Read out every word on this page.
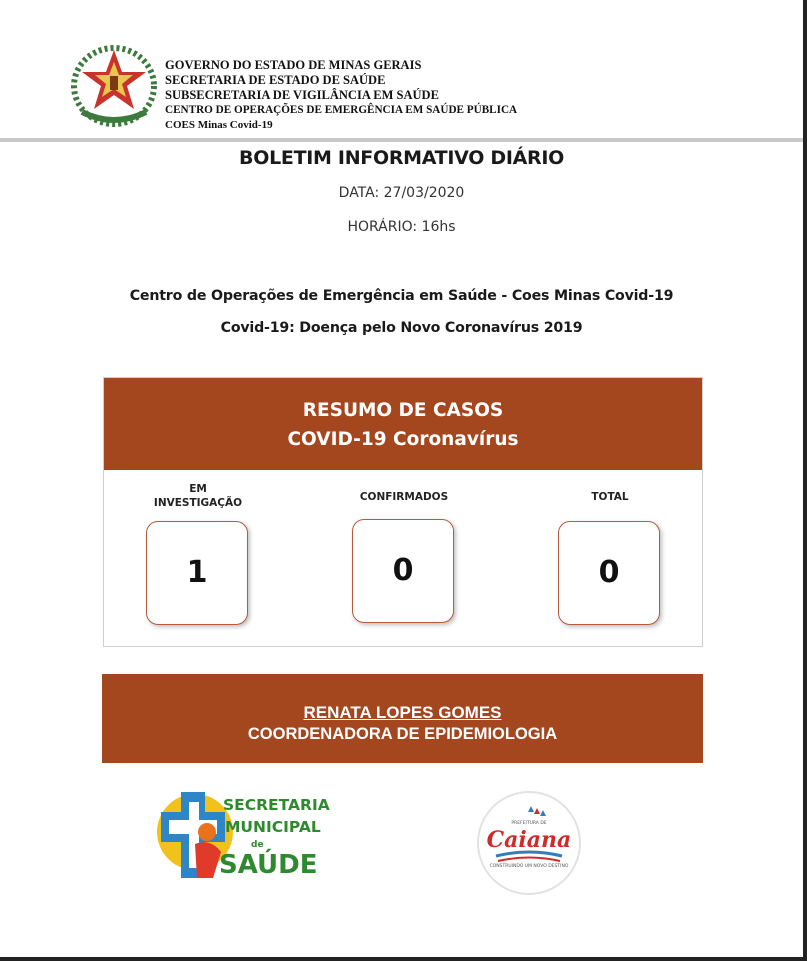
GOVERNO DO ESTADO DE MINAS GERAIS
SECRETARIA DE ESTADO DE SAÚDE
SUBSECRETARIA DE VIGILÂNCIA EM SAÚDE
CENTRO DE OPERAÇÕES DE EMERGÊNCIA EM SAÚDE PÚBLICA
COES Minas Covid-19
BOLETIM INFORMATIVO DIÁRIO
DATA: 27/03/2020
HORÁRIO: 16hs
Centro de Operações de Emergência em Saúde - Coes Minas Covid-19
Covid-19: Doença pelo Novo Coronavírus 2019
RESUMO DE CASOS
COVID-19 Coronavírus
EM
INVESTIGAÇÃO	CONFIRMADOS	TOTAL
1	0	0
RENATA LOPES GOMES
COORDENADORA DE EPIDEMIOLOGIA
SECRETARIA
MUNICIPAL
de
SAÚDE
PREFEITURA DE
Caiana
CONSTRUINDO UM NOVO DESTINO
